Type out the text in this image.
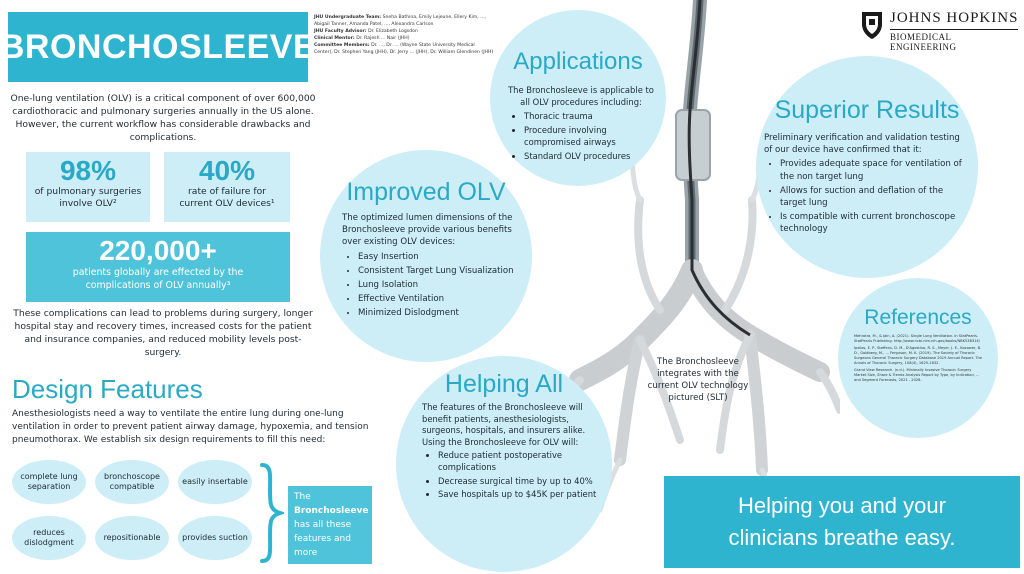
BRONCHOSLEEVE
JHU Undergraduate Team: Sneha Bathina, Emily Lejeune, Ellery Kim, ..., Abigail Tanner, Amanda Patel, ..., Alexandra Carlson
JHU Faculty Advisor: Dr. Elizabeth Logsdon
Clinical Mentor: Dr. Rajesh ... Nair (JHH)
Committee Members: Dr. ..., Dr. ... (Wayne State University Medical Center), Dr. Stephen Yang (JHH), Dr. Jerry ... (JHH), Dr. William Glendinen (JHH)
JOHNS HOPKINS
BIOMEDICAL ENGINEERING
One-lung ventilation (OLV) is a critical component of over 600,000 cardiothoracic and pulmonary surgeries annually in the US alone. However, the current workflow has considerable drawbacks and complications.
98%
of pulmonary surgeries involve OLV²
40%
rate of failure for current OLV devices¹
220,000+
patients globally are effected by the complications of OLV annually³
These complications can lead to problems during surgery, longer hospital stay and recovery times, increased costs for the patient and insurance companies, and reduced mobility levels post-surgery.
Design Features
Anesthesiologists need a way to ventilate the entire lung during one-lung ventilation in order to prevent patient airway damage, hypoxemia, and tension pneumothorax. We establish six design requirements to fill this need:
complete lung separation
bronchoscope compatible
easily insertable
reduces dislodgment
repositionable	provides suction
The
Bronchosleeve
has all these features and more
Applications
The Bronchosleeve is applicable to all OLV procedures including:
• Thoracic trauma
• Procedure involving compromised airways
• Standard OLV procedures
Improved OLV
The optimized lumen dimensions of the Bronchosleeve provide various benefits over existing OLV devices:
• Easy Insertion
• Consistent Target Lung Visualization
• Lung Isolation
• Effective Ventilation
• Minimized Dislodgment
Superior Results
Preliminary verification and validation testing of our device have confirmed that it:
• Provides adequate space for ventilation of the non target lung
• Allows for suction and deflation of the target lung
• Is compatible with current bronchoscope technology
Helping All
The features of the Bronchosleeve will benefit patients, anesthesiologists, surgeons, hospitals, and insurers alike. Using the Bronchosleeve for OLV will:
• Reduce patient postoperative complications
• Decrease surgical time by up to 40%
• Save hospitals up to $45K per patient
References
Mehrotra, M., & Jain, A. (2021). Single Lung Ventilation. In StatPearls. StatPearls Publishing. http://www.ncbi.nlm.nih.gov/books/NBK538314/
Ipsilos, E. P., Steffens, D. M., D'Agostino, R. S., Meyer, J. E., Kozower, B. D., Goldberg, M., ... Ferguson, M. K. (2019). The Society of Thoracic Surgeons General Thoracic Surgery Database 2019 Annual Report. The Annals of Thoracic Surgery, 108(4), 1625-1632.
Grand View Research. (n.d.). Minimally Invasive Thoracic Surgery Market Size, Share & Trends Analysis Report by Type, by Indication, ... and Segment Forecasts, 2021 - 2028.
The Bronchosleeve integrates with the current OLV technology pictured (SLT)
Helping you and your clinicians breathe easy.
